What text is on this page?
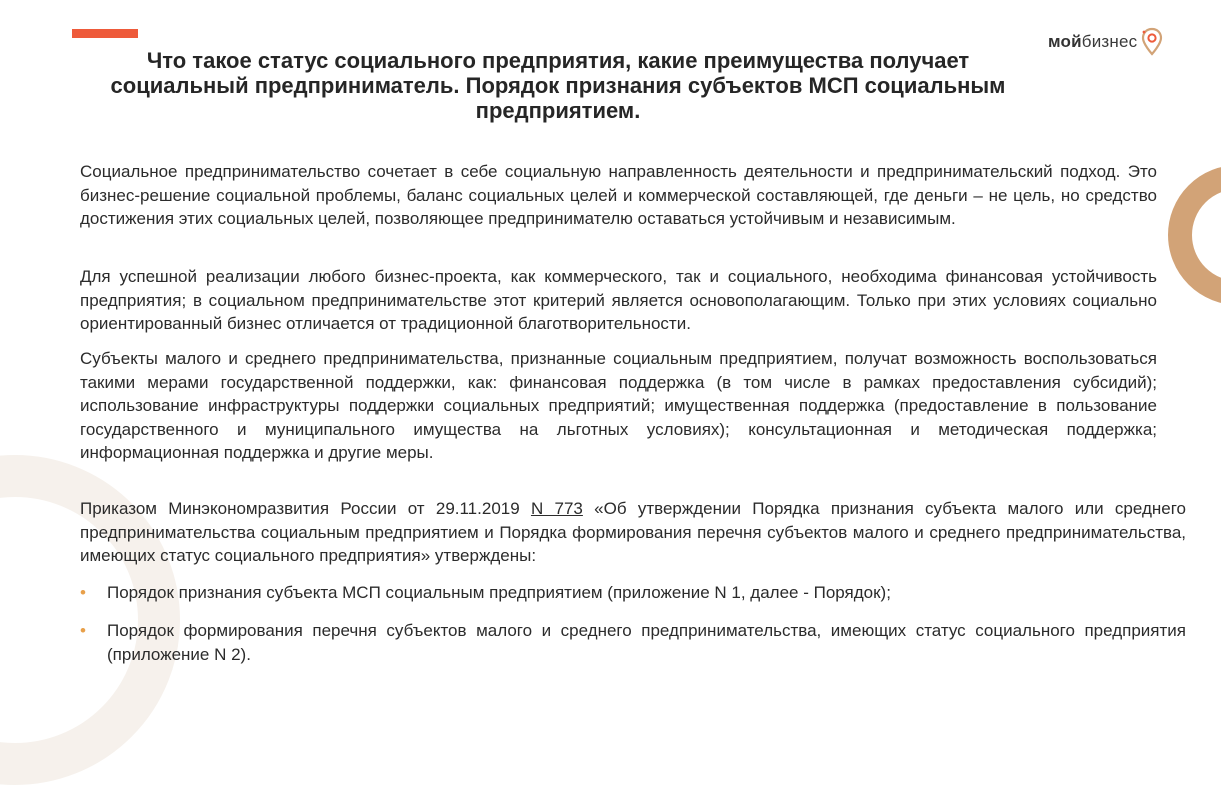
мойбизнес
Что такое статус социального предприятия, какие преимущества получает социальный предприниматель. Порядок признания субъектов МСП социальным предприятием.

Социальное предпринимательство сочетает в себе социальную направленность деятельности и предпринимательский подход. Это бизнес-решение социальной проблемы, баланс социальных целей и коммерческой составляющей, где деньги – не цель, но средство достижения этих социальных целей, позволяющее предпринимателю оставаться устойчивым и независимым.

Для успешной реализации любого бизнес-проекта, как коммерческого, так и социального, необходима финансовая устойчивость предприятия; в социальном предпринимательстве этот критерий является основополагающим. Только при этих условиях социально ориентированный бизнес отличается от традиционной благотворительности.

Субъекты малого и среднего предпринимательства, признанные социальным предприятием, получат возможность воспользоваться такими мерами государственной поддержки, как: финансовая поддержка (в том числе в рамках предоставления субсидий); использование инфраструктуры поддержки социальных предприятий; имущественная поддержка (предоставление в пользование государственного и муниципального имущества на льготных условиях); консультационная и методическая поддержка; информационная поддержка и другие меры.

Приказом Минэкономразвития России от 29.11.2019 N 773 «Об утверждении Порядка признания субъекта малого или среднего предпринимательства социальным предприятием и Порядка формирования перечня субъектов малого и среднего предпринимательства, имеющих статус социального предприятия» утверждены:

• Порядок признания субъекта МСП социальным предприятием (приложение N 1, далее - Порядок);
• Порядок формирования перечня субъектов малого и среднего предпринимательства, имеющих статус социального предприятия (приложение N 2).
